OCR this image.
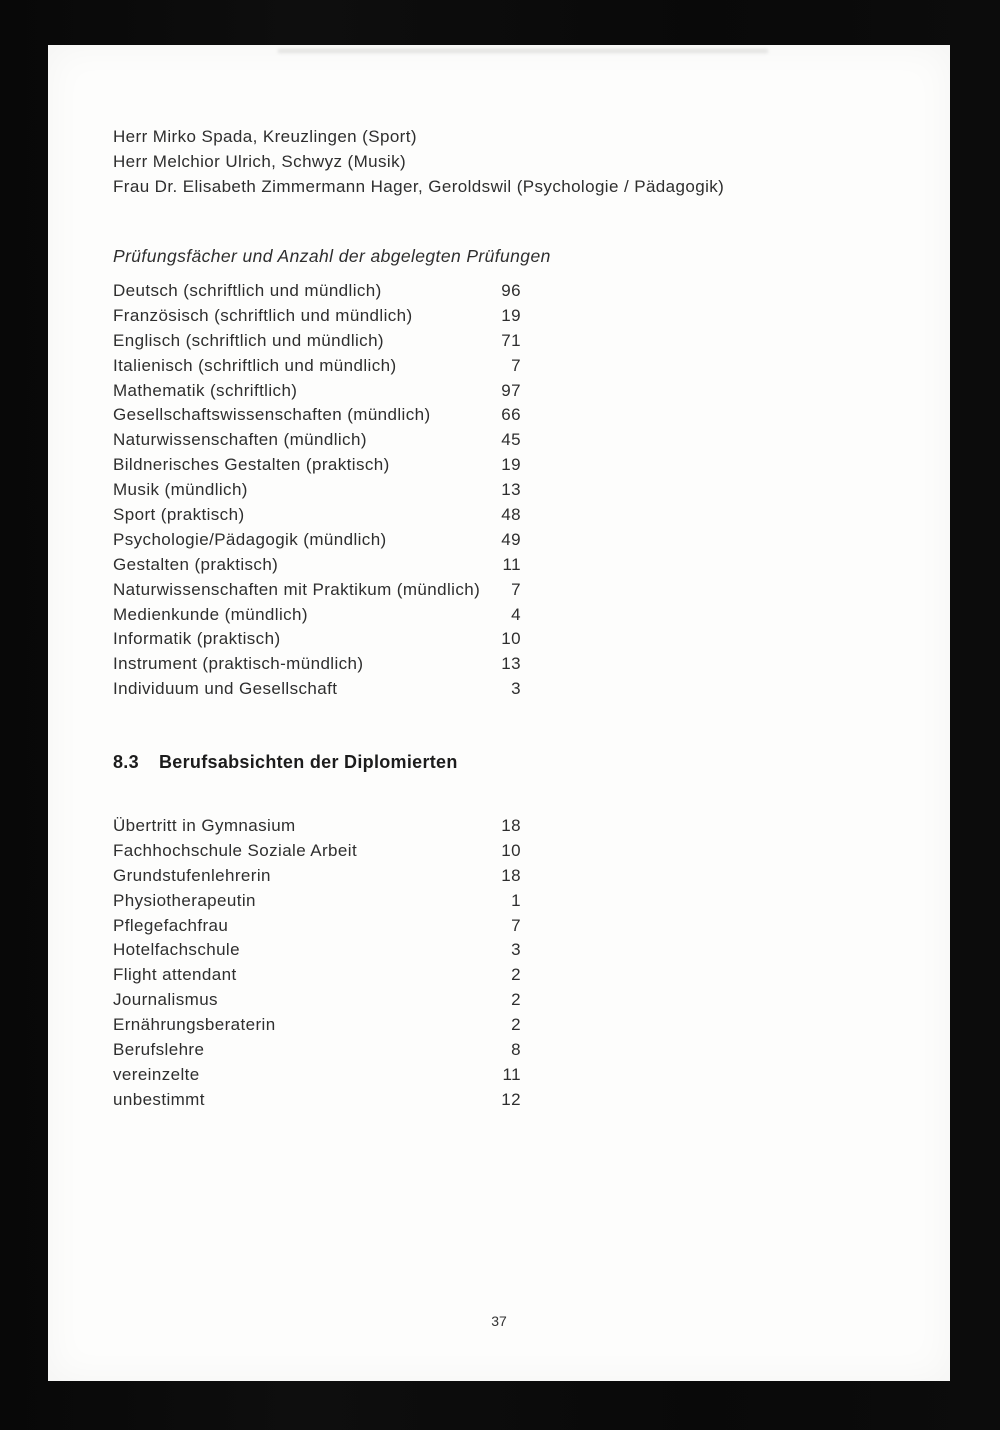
Herr Mirko Spada, Kreuzlingen (Sport)
Herr Melchior Ulrich, Schwyz (Musik)
Frau Dr. Elisabeth Zimmermann Hager, Geroldswil (Psychologie / Pädagogik)
Prüfungsfächer und Anzahl der abgelegten Prüfungen
Deutsch (schriftlich und mündlich)	96
Französisch (schriftlich und mündlich)	19
Englisch (schriftlich und mündlich)	71
Italienisch (schriftlich und mündlich)	7
Mathematik (schriftlich)	97
Gesellschaftswissenschaften (mündlich)	66
Naturwissenschaften (mündlich)	45
Bildnerisches Gestalten (praktisch)	19
Musik (mündlich)	13
Sport (praktisch)	48
Psychologie/Pädagogik (mündlich)	49
Gestalten (praktisch)	11
Naturwissenschaften mit Praktikum (mündlich)	7
Medienkunde (mündlich)	4
Informatik (praktisch)	10
Instrument (praktisch-mündlich)	13
Individuum und Gesellschaft	3
8.3 Berufsabsichten der Diplomierten
Übertritt in Gymnasium	18
Fachhochschule Soziale Arbeit	10
Grundstufenlehrerin	18
Physiotherapeutin	1
Pflegefachfrau	7
Hotelfachschule	3
Flight attendant	2
Journalismus	2
Ernährungsberaterin	2
Berufslehre	8
vereinzelte	11
unbestimmt	12
37
